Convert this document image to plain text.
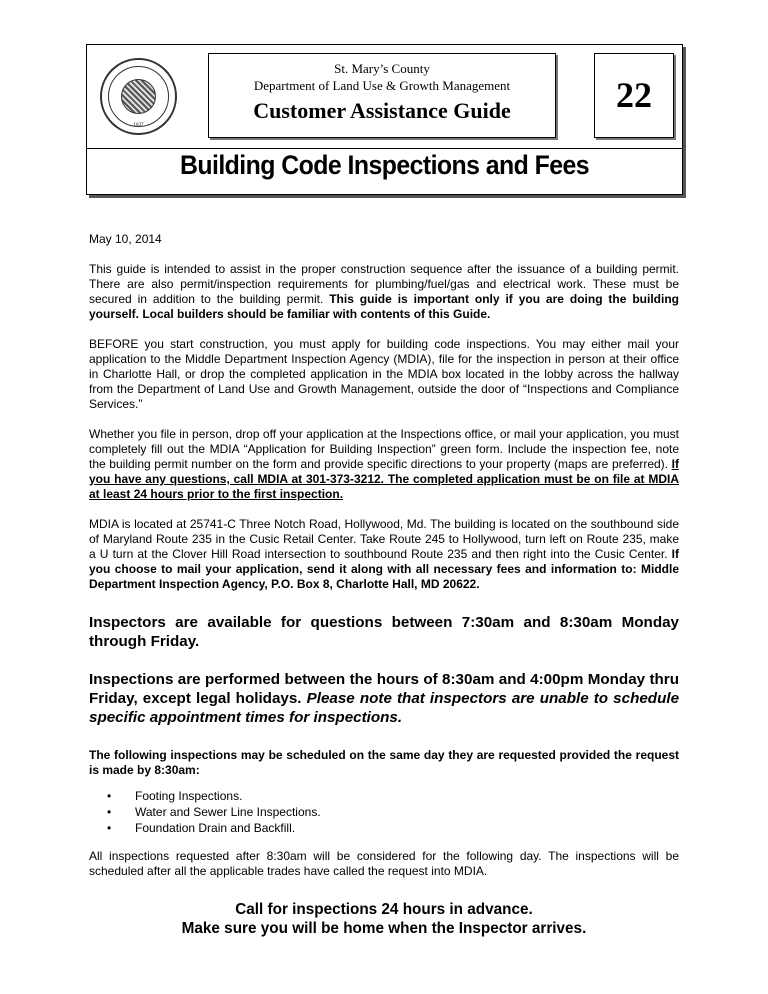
1637
St. Mary’s County
Department of Land Use & Growth Management
Customer Assistance Guide	22
Building Code Inspections and Fees

May 10, 2014

This guide is intended to assist in the proper construction sequence after the issuance of a building permit. There are also permit/inspection requirements for plumbing/fuel/gas and electrical work. These must be secured in addition to the building permit. This guide is important only if you are doing the building yourself. Local builders should be familiar with contents of this Guide.

BEFORE you start construction, you must apply for building code inspections. You may either mail your application to the Middle Department Inspection Agency (MDIA), file for the inspection in person at their office in Charlotte Hall, or drop the completed application in the MDIA box located in the lobby across the hallway from the Department of Land Use and Growth Management, outside the door of “Inspections and Compliance Services.”

Whether you file in person, drop off your application at the Inspections office, or mail your application, you must completely fill out the MDIA “Application for Building Inspection” green form. Include the inspection fee, note the building permit number on the form and provide specific directions to your property (maps are preferred). If you have any questions, call MDIA at 301-373-3212. The completed application must be on file at MDIA at least 24 hours prior to the first inspection.

MDIA is located at 25741-C Three Notch Road, Hollywood, Md. The building is located on the southbound side of Maryland Route 235 in the Cusic Retail Center. Take Route 245 to Hollywood, turn left on Route 235, make a U turn at the Clover Hill Road intersection to southbound Route 235 and then right into the Cusic Center. If you choose to mail your application, send it along with all necessary fees and information to: Middle Department Inspection Agency, P.O. Box 8, Charlotte Hall, MD 20622.

Inspectors are available for questions between 7:30am and 8:30am Monday through Friday.

Inspections are performed between the hours of 8:30am and 4:00pm Monday thru Friday, except legal holidays. Please note that inspectors are unable to schedule specific appointment times for inspections.

The following inspections may be scheduled on the same day they are requested provided the request is made by 8:30am:

• Footing Inspections.
• Water and Sewer Line Inspections.
• Foundation Drain and Backfill.

All inspections requested after 8:30am will be considered for the following day. The inspections will be scheduled after all the applicable trades have called the request into MDIA.

Call for inspections 24 hours in advance.

Make sure you will be home when the Inspector arrives.
